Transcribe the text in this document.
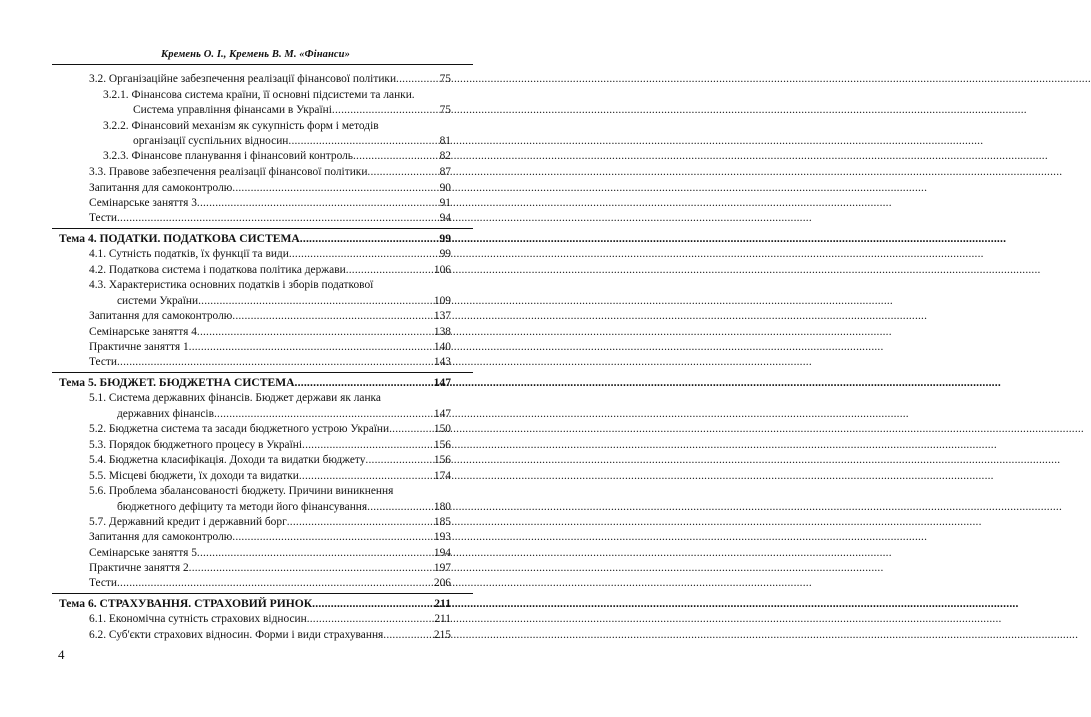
Кремень О. І., Кремень В. М. «Фінанси»
3.2. Організаційне забезпечення реалізації фінансової політики .....	75
3.2.1. Фінансова система країни, її основні підсистеми та ланки.
Система управління фінансами в Україні .....	75
3.2.2. Фінансовий механізм як сукупність форм і методів
організації суспільних відносин .....	81
3.2.3. Фінансове планування і фінансовий контроль .....	82
3.3. Правове забезпечення реалізації фінансової політики .....	87
Запитання для самоконтролю .....	90
Семінарське заняття 3 .....	91
Тести .....	94
Тема 4. ПОДАТКИ. ПОДАТКОВА СИСТЕМА .....	99
4.1. Сутність податків, їх функції та види .....	99
4.2. Податкова система і податкова політика держави .....	106
4.3. Характеристика основних податків і зборів податкової
системи України .....	109
Запитання для самоконтролю .....	137
Семінарське заняття 4 .....	138
Практичне заняття 1 .....	140
Тести .....	143
Тема 5. БЮДЖЕТ. БЮДЖЕТНА СИСТЕМА .....	147
5.1. Система державних фінансів. Бюджет держави як ланка
державних фінансів .....	147
5.2. Бюджетна система та засади бюджетного устрою України .....	150
5.3. Порядок бюджетного процесу в Україні .....	156
5.4. Бюджетна класифікація. Доходи та видатки бюджету .....	156
5.5. Місцеві бюджети, їх доходи та видатки .....	174
5.6. Проблема збалансованості бюджету. Причини виникнення
бюджетного дефіциту та методи його фінансування .....	180
5.7. Державний кредит і державний борг .....	185
Запитання для самоконтролю .....	193
Семінарське заняття 5 .....	194
Практичне заняття 2 .....	197
Тести .....	206
Тема 6. СТРАХУВАННЯ. СТРАХОВИЙ РИНОК .....	211
6.1. Економічна сутність страхових відносин .....	211
6.2. Суб'єкти страхових відносин. Форми і види страхування .....	215
4
